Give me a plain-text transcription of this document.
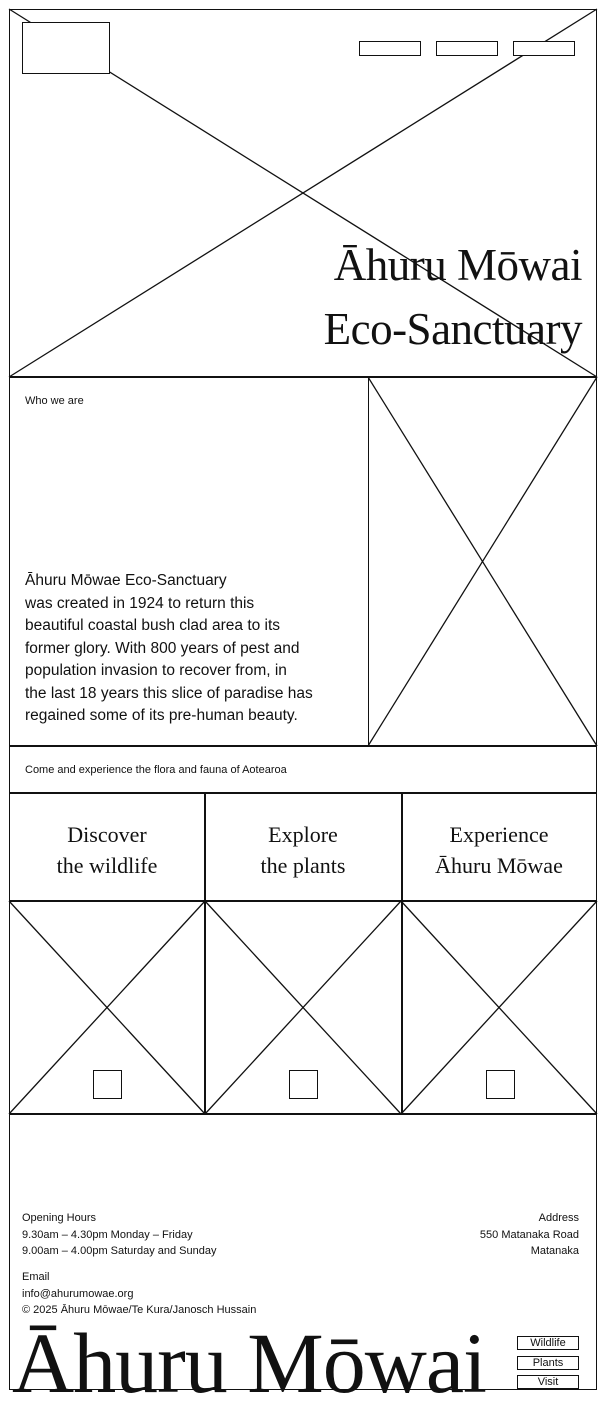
Āhuru Mōwai
Eco-Sanctuary
Who we are
Āhuru Mōwae Eco-Sanctuary
was created in 1924 to return this
beautiful coastal bush clad area to its
former glory. With 800 years of pest and
population invasion to recover from, in
the last 18 years this slice of paradise has
regained some of its pre-human beauty.
Come and experience the flora and fauna of Aotearoa
Discover
the wildlife
Explore
the plants
Experience
Āhuru Mōwae
Opening Hours
9.30am – 4.30pm Monday – Friday
9.00am – 4.00pm Saturday and Sunday
Email
info@ahurumowae.org
© 2025 Āhuru Mōwae/Te Kura/Janosch Hussain
Address
550 Matanaka Road
Matanaka
Āhuru Mōwai	Wildlife
Plants
Visit
